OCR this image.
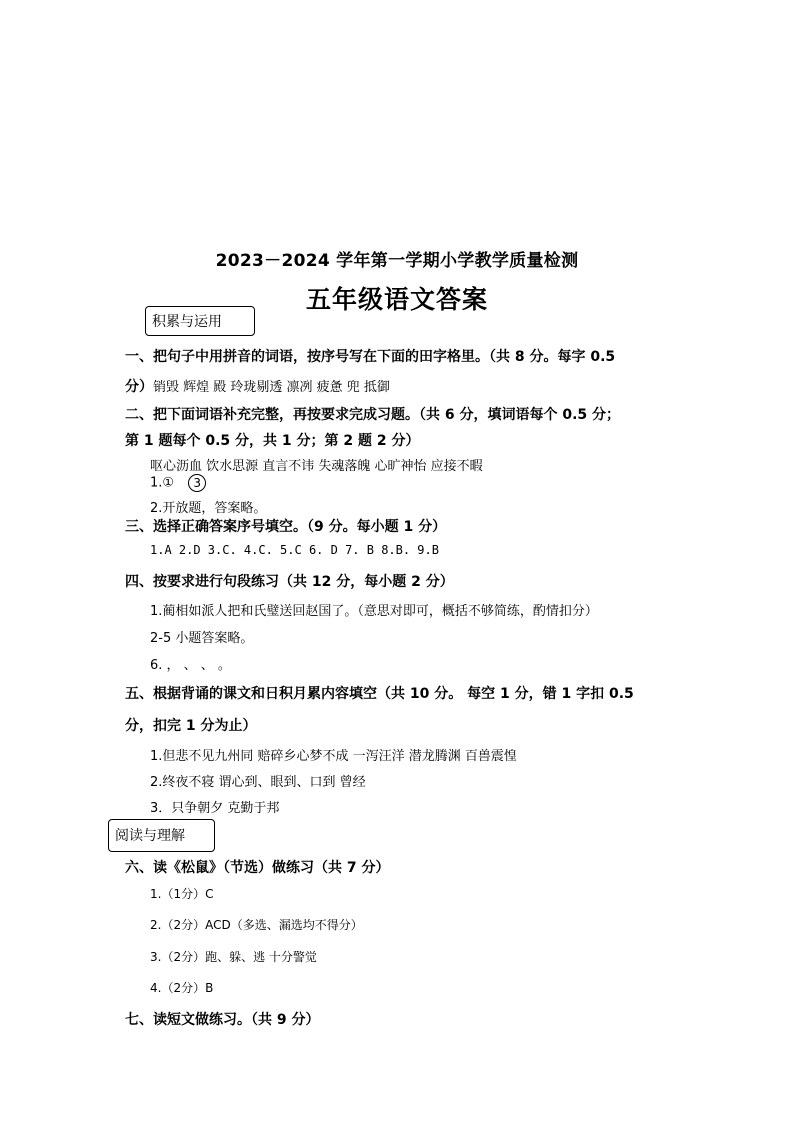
2023－2024 学年第一学期小学教学质量检测
五年级语文答案
积累与运用
一、把句子中用拼音的词语，按序号写在下面的田字格里。（共 8 分。每字 0.5
分）销毁 辉煌 殿 玲珑剔透 凛冽 疲惫 兜 抵御
二、把下面词语补充完整，再按要求完成习题。（共 6 分，填词语每个 0.5 分；
第 1 题每个 0.5 分，共 1 分；第 2 题 2 分）
呕心沥血 饮水思源 直言不讳 失魂落魄 心旷神怡 应接不暇
1.① 3
2.开放题，答案略。
三、选择正确答案序号填空。（9 分。每小题 1 分）
1.A 2.D 3.C. 4.C. 5.C 6. D 7. B 8.B. 9.B
四、按要求进行句段练习（共 12 分，每小题 2 分）
1.蔺相如派人把和氏璧送回赵国了。（意思对即可，概括不够简练，酌情扣分）
2-5 小题答案略。
6. ， 、 、 。
五、根据背诵的课文和日积月累内容填空（共 10 分。 每空 1 分，错 1 字扣 0.5
分，扣完 1 分为止）
1.但悲不见九州同 赔碎乡心梦不成 一泻汪洋 潜龙腾渊 百兽震惶
2.终夜不寝 谓心到、眼到、口到 曾经
3．只争朝夕 克勤于邦
阅读与理解
六、读《松鼠》（节选）做练习（共 7 分）
1.（1分）C
2.（2分）ACD（多选、漏选均不得分）
3.（2分）跑、躲、逃 十分警觉
4.（2分）B
七、读短文做练习。（共 9 分）
